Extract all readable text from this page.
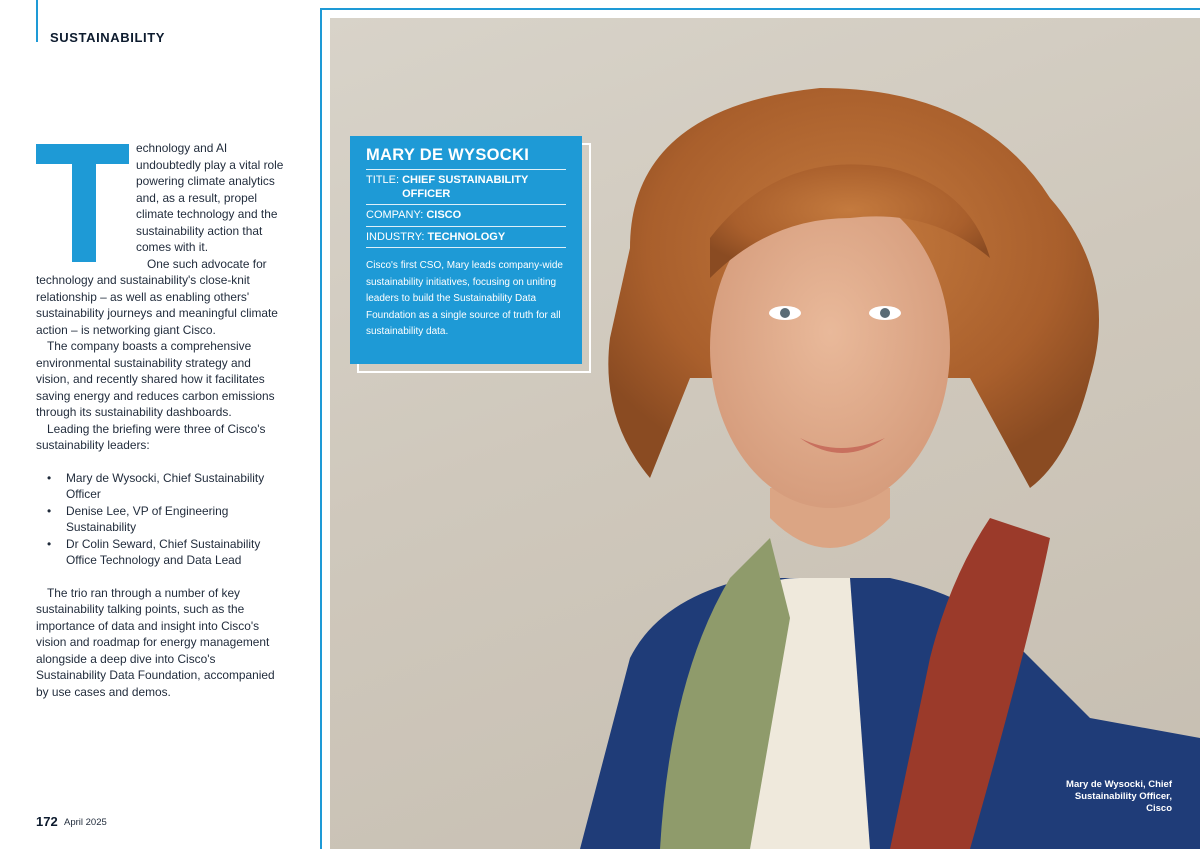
SUSTAINABILITY

echnology and AI undoubtedly play a vital role powering climate analytics and, as a result, propel climate technology and the sustainability action that comes with it.

One such advocate for technology and sustainability's close-knit relationship – as well as enabling others' sustainability journeys and meaningful climate action – is networking giant Cisco.

The company boasts a comprehensive environmental sustainability strategy and vision, and recently shared how it facilitates saving energy and reduces carbon emissions through its sustainability dashboards.

Leading the briefing were three of Cisco's sustainability leaders:

• Mary de Wysocki, Chief Sustainability Officer
• Denise Lee, VP of Engineering Sustainability
• Dr Colin Seward, Chief Sustainability Office Technology and Data Lead

The trio ran through a number of key sustainability talking points, such as the importance of data and insight into Cisco's vision and roadmap for energy management alongside a deep dive into Cisco's Sustainability Data Foundation, accompanied by use cases and demos.

172 April 2025
MARY DE WYSOCKI
TITLE: CHIEF SUSTAINABILITY OFFICER
COMPANY: CISCO
INDUSTRY: TECHNOLOGY
Cisco's first CSO, Mary leads company-wide sustainability initiatives, focusing on uniting leaders to build the Sustainability Data Foundation as a single source of truth for all sustainability data.
Mary de Wysocki, Chief Sustainability Officer, Cisco
